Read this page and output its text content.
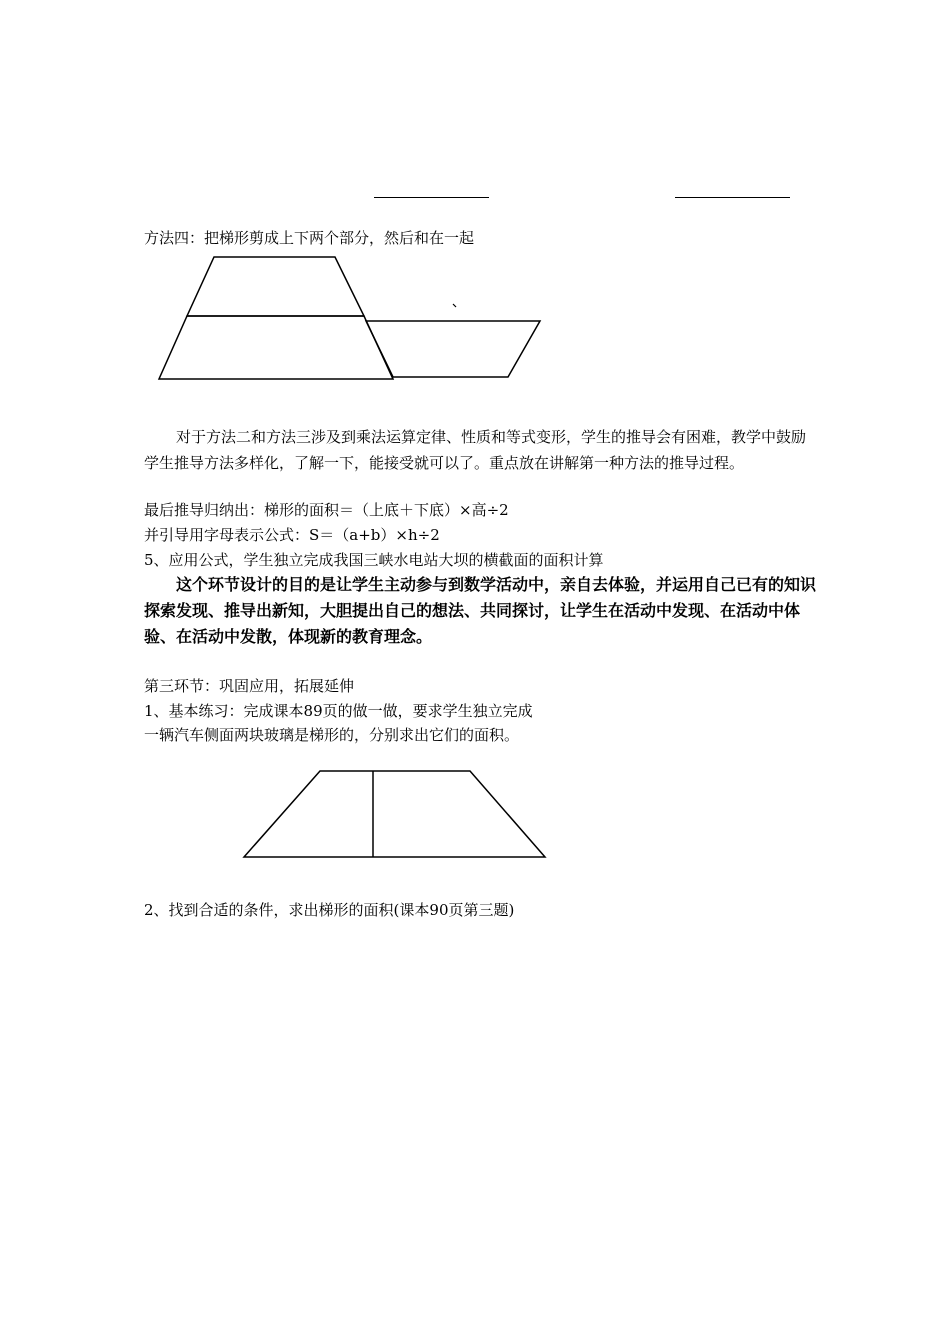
方法四：把梯形剪成上下两个部分，然后和在一起
对于方法二和方法三涉及到乘法运算定律、性质和等式变形，学生的推导会有困难，教学中鼓励学生推导方法多样化，了解一下，能接受就可以了。重点放在讲解第一种方法的推导过程。
最后推导归纳出：梯形的面积＝（上底＋下底）×高÷2
并引导用字母表示公式：S＝（a+b）×h÷2
5、应用公式，学生独立完成我国三峡水电站大坝的横截面的面积计算
这个环节设计的目的是让学生主动参与到数学活动中，亲自去体验，并运用自己已有的知识探索发现、推导出新知，大胆提出自己的想法、共同探讨，让学生在活动中发现、在活动中体验、在活动中发散，体现新的教育理念。
第三环节：巩固应用，拓展延伸
1、基本练习：完成课本89页的做一做，要求学生独立完成
一辆汽车侧面两块玻璃是梯形的，分别求出它们的面积。
2、找到合适的条件，求出梯形的面积(课本90页第三题)
